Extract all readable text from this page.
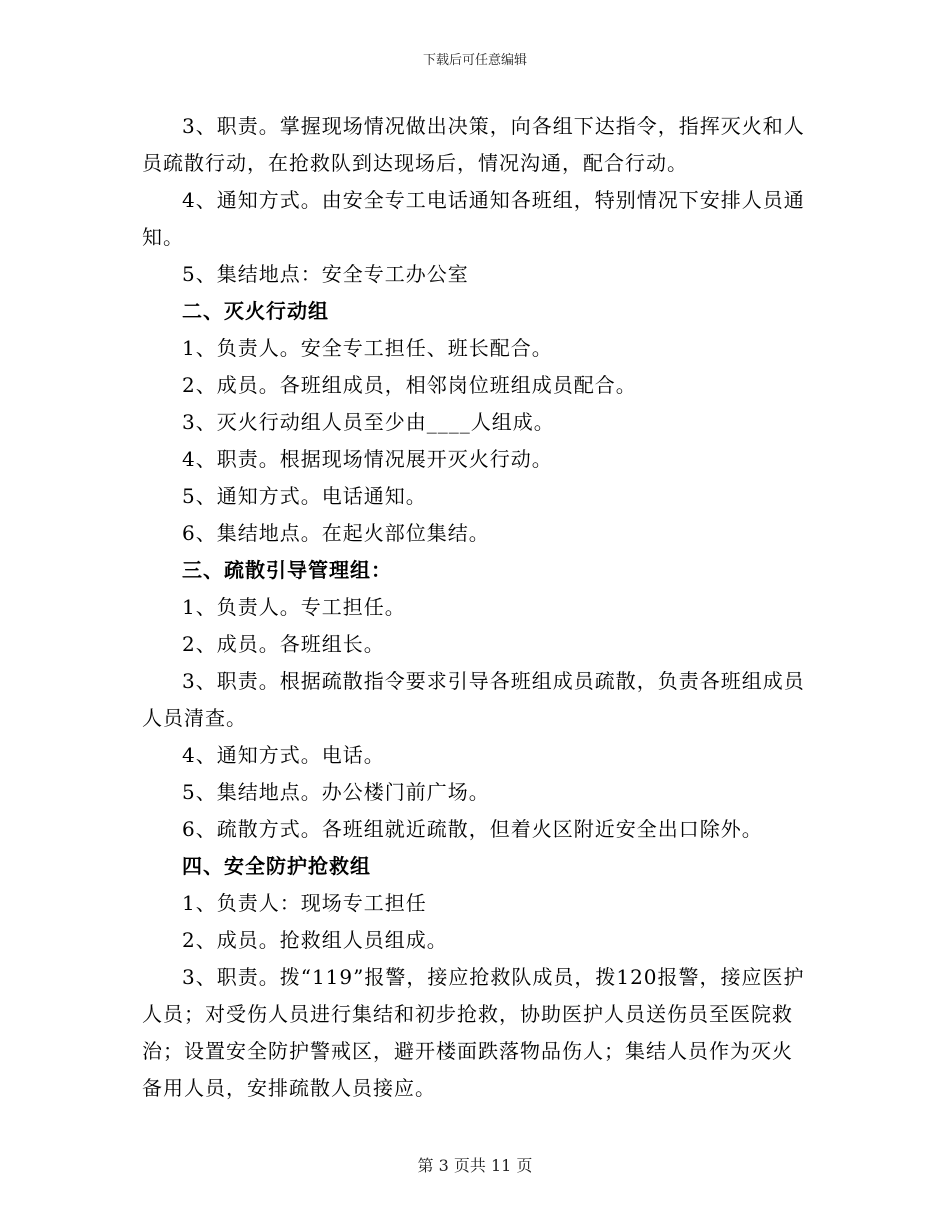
下载后可任意编辑

3、职责。掌握现场情况做出决策，向各组下达指令，指挥灭火和人员疏散行动，在抢救队到达现场后，情况沟通，配合行动。

4、通知方式。由安全专工电话通知各班组，特别情况下安排人员通知。

5、集结地点：安全专工办公室

二、灭火行动组

1、负责人。安全专工担任、班长配合。

2、成员。各班组成员，相邻岗位班组成员配合。

3、灭火行动组人员至少由____人组成。

4、职责。根据现场情况展开灭火行动。

5、通知方式。电话通知。

6、集结地点。在起火部位集结。

三、疏散引导管理组：

1、负责人。专工担任。

2、成员。各班组长。

3、职责。根据疏散指令要求引导各班组成员疏散，负责各班组成员人员清查。

4、通知方式。电话。

5、集结地点。办公楼门前广场。

6、疏散方式。各班组就近疏散，但着火区附近安全出口除外。

四、安全防护抢救组

1、负责人：现场专工担任

2、成员。抢救组人员组成。

3、职责。拨“119”报警，接应抢救队成员，拨120报警，接应医护人员；对受伤人员进行集结和初步抢救，协助医护人员送伤员至医院救治；设置安全防护警戒区，避开楼面跌落物品伤人；集结人员作为灭火备用人员，安排疏散人员接应。

第 3 页共 11 页
